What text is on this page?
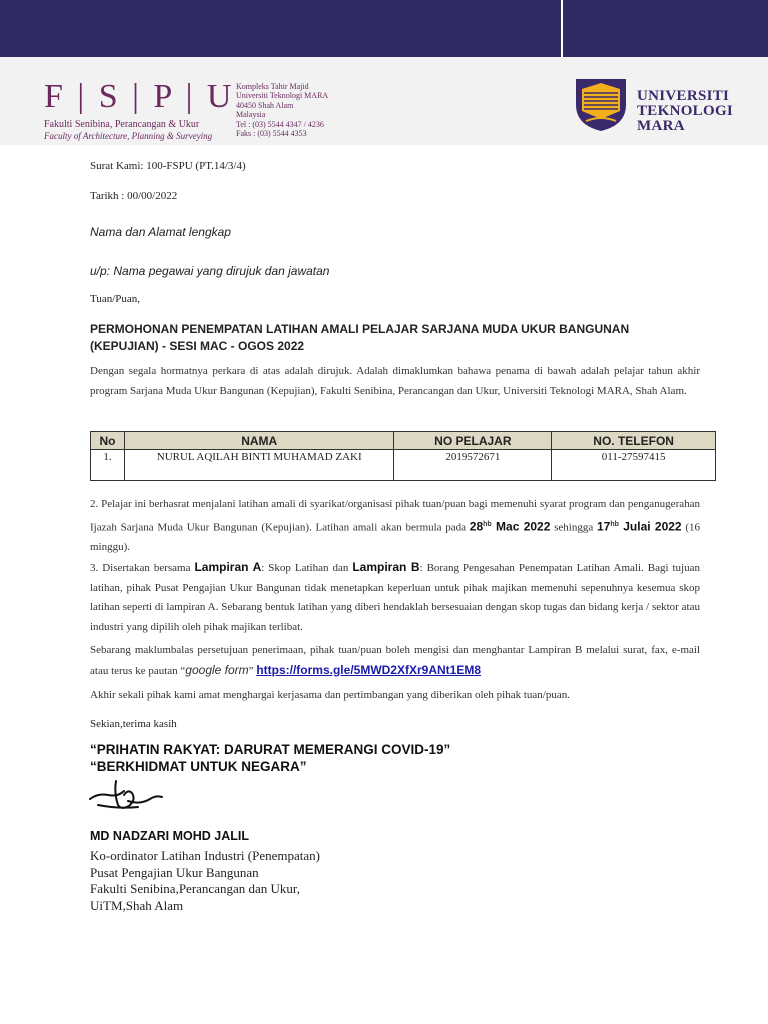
F | S | P | U
Fakulti Senibina, Perancangan & Ukur
Faculty of Architecture, Planning & Surveying
Kompleks Tahir Majid
Universiti Teknologi MARA
40450 Shah Alam
Malaysia
Tel : (03) 5544 4347 / 4236
Faks : (03) 5544 4353
UNIVERSITI
TEKNOLOGI
MARA
Surat Kami: 100-FSPU (PT.14/3/4)
Tarikh : 00/00/2022
Nama dan Alamat lengkap
u/p: Nama pegawai yang dirujuk dan jawatan
Tuan/Puan,
PERMOHONAN PENEMPATAN LATIHAN AMALI PELAJAR SARJANA MUDA UKUR BANGUNAN (KEPUJIAN) - SESI MAC - OGOS 2022
Dengan segala hormatnya perkara di atas adalah dirujuk. Adalah dimaklumkan bahawa penama di bawah adalah pelajar tahun akhir program Sarjana Muda Ukur Bangunan (Kepujian), Fakulti Senibina, Perancangan dan Ukur, Universiti Teknologi MARA, Shah Alam.
No	NAMA	NO PELAJAR	NO. TELEFON
1.	NURUL AQILAH BINTI MUHAMAD ZAKI	2019572671	011-27597415
2. Pelajar ini berhasrat menjalani latihan amali di syarikat/organisasi pihak tuan/puan bagi memenuhi syarat program dan penganugerahan Ijazah Sarjana Muda Ukur Bangunan (Kepujian). Latihan amali akan bermula pada $28^{hb}$ Mac 2022 sehingga $17^{hb}$ Julai 2022 (16 minggu).
3. Disertakan bersama Lampiran A: Skop Latihan dan Lampiran B: Borang Pengesahan Penempatan Latihan Amali. Bagi tujuan latihan, pihak Pusat Pengajian Ukur Bangunan tidak menetapkan keperluan untuk pihak majikan memenuhi sepenuhnya kesemua skop latihan seperti di lampiran A. Sebarang bentuk latihan yang diberi hendaklah bersesuaian dengan skop tugas dan bidang kerja / sektor atau industri yang dipilih oleh pihak majikan terlibat.
Sebarang maklumbalas persetujuan penerimaan, pihak tuan/puan boleh mengisi dan menghantar Lampiran B melalui surat, fax, e-mail atau terus ke pautan “google form” https://forms.gle/5MWD2XfXr9ANt1EM8
Akhir sekali pihak kami amat menghargai kerjasama dan pertimbangan yang diberikan oleh pihak tuan/puan.
Sekian,terima kasih
“PRIHATIN RAKYAT: DARURAT MEMERANGI COVID-19”
“BERKHIDMAT UNTUK NEGARA”
MD NADZARI MOHD JALIL
Ko-ordinator Latihan Industri (Penempatan)
Pusat Pengajian Ukur Bangunan
Fakulti Senibina,Perancangan dan Ukur,
UiTM,Shah Alam
